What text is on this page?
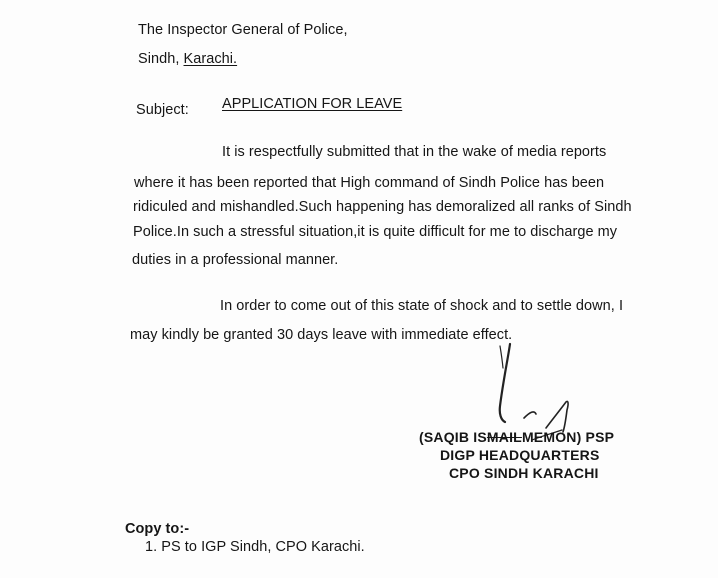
The Inspector General of Police,
Sindh, Karachi.
Subject: APPLICATION FOR LEAVE
It is respectfully submitted that in the wake of media reports
where it has been reported that High command of Sindh Police has been
ridiculed and mishandled.Such happening has demoralized all ranks of Sindh
Police.In such a stressful situation,it is quite difficult for me to discharge my
duties in a professional manner.
In order to come out of this state of shock and to settle down, I
may kindly be granted 30 days leave with immediate effect.
(SAQIB ISMAILMEMON) PSP
DIGP HEADQUARTERS
CPO SINDH KARACHI
Copy to:-
1. PS to IGP Sindh, CPO Karachi.
